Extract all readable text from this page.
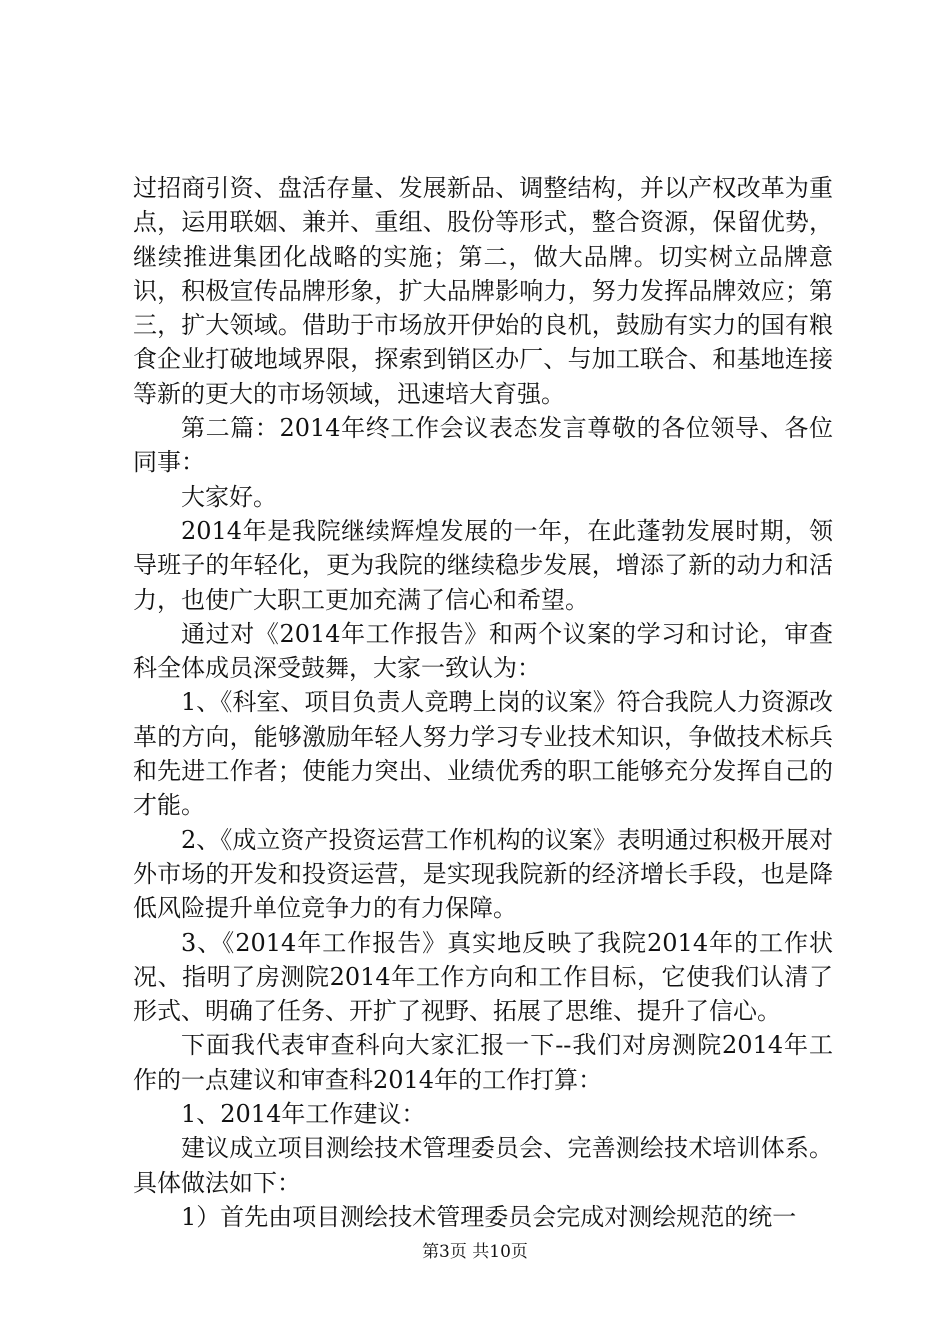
过招商引资、盘活存量、发展新品、调整结构，并以产权改革为重点，运用联姻、兼并、重组、股份等形式，整合资源，保留优势，继续推进集团化战略的实施；第二，做大品牌。切实树立品牌意识，积极宣传品牌形象，扩大品牌影响力，努力发挥品牌效应；第三，扩大领域。借助于市场放开伊始的良机，鼓励有实力的国有粮食企业打破地域界限，探索到销区办厂、与加工联合、和基地连接等新的更大的市场领域，迅速培大育强。

第二篇：2014年终工作会议表态发言尊敬的各位领导、各位同事：

大家好。

2014年是我院继续辉煌发展的一年，在此蓬勃发展时期，领导班子的年轻化，更为我院的继续稳步发展，增添了新的动力和活力，也使广大职工更加充满了信心和希望。

通过对《2014年工作报告》和两个议案的学习和讨论，审查科全体成员深受鼓舞，大家一致认为：

1、《科室、项目负责人竞聘上岗的议案》符合我院人力资源改革的方向，能够激励年轻人努力学习专业技术知识，争做技术标兵和先进工作者；使能力突出、业绩优秀的职工能够充分发挥自己的才能。

2、《成立资产投资运营工作机构的议案》表明通过积极开展对外市场的开发和投资运营，是实现我院新的经济增长手段，也是降低风险提升单位竞争力的有力保障。

3、《2014年工作报告》真实地反映了我院2014年的工作状况、指明了房测院2014年工作方向和工作目标，它使我们认清了形式、明确了任务、开扩了视野、拓展了思维、提升了信心。

下面我代表审查科向大家汇报一下--我们对房测院2014年工作的一点建议和审查科2014年的工作打算：

1、2014年工作建议：

建议成立项目测绘技术管理委员会、完善测绘技术培训体系。具体做法如下：

1）首先由项目测绘技术管理委员会完成对测绘规范的统一

第3页 共10页
